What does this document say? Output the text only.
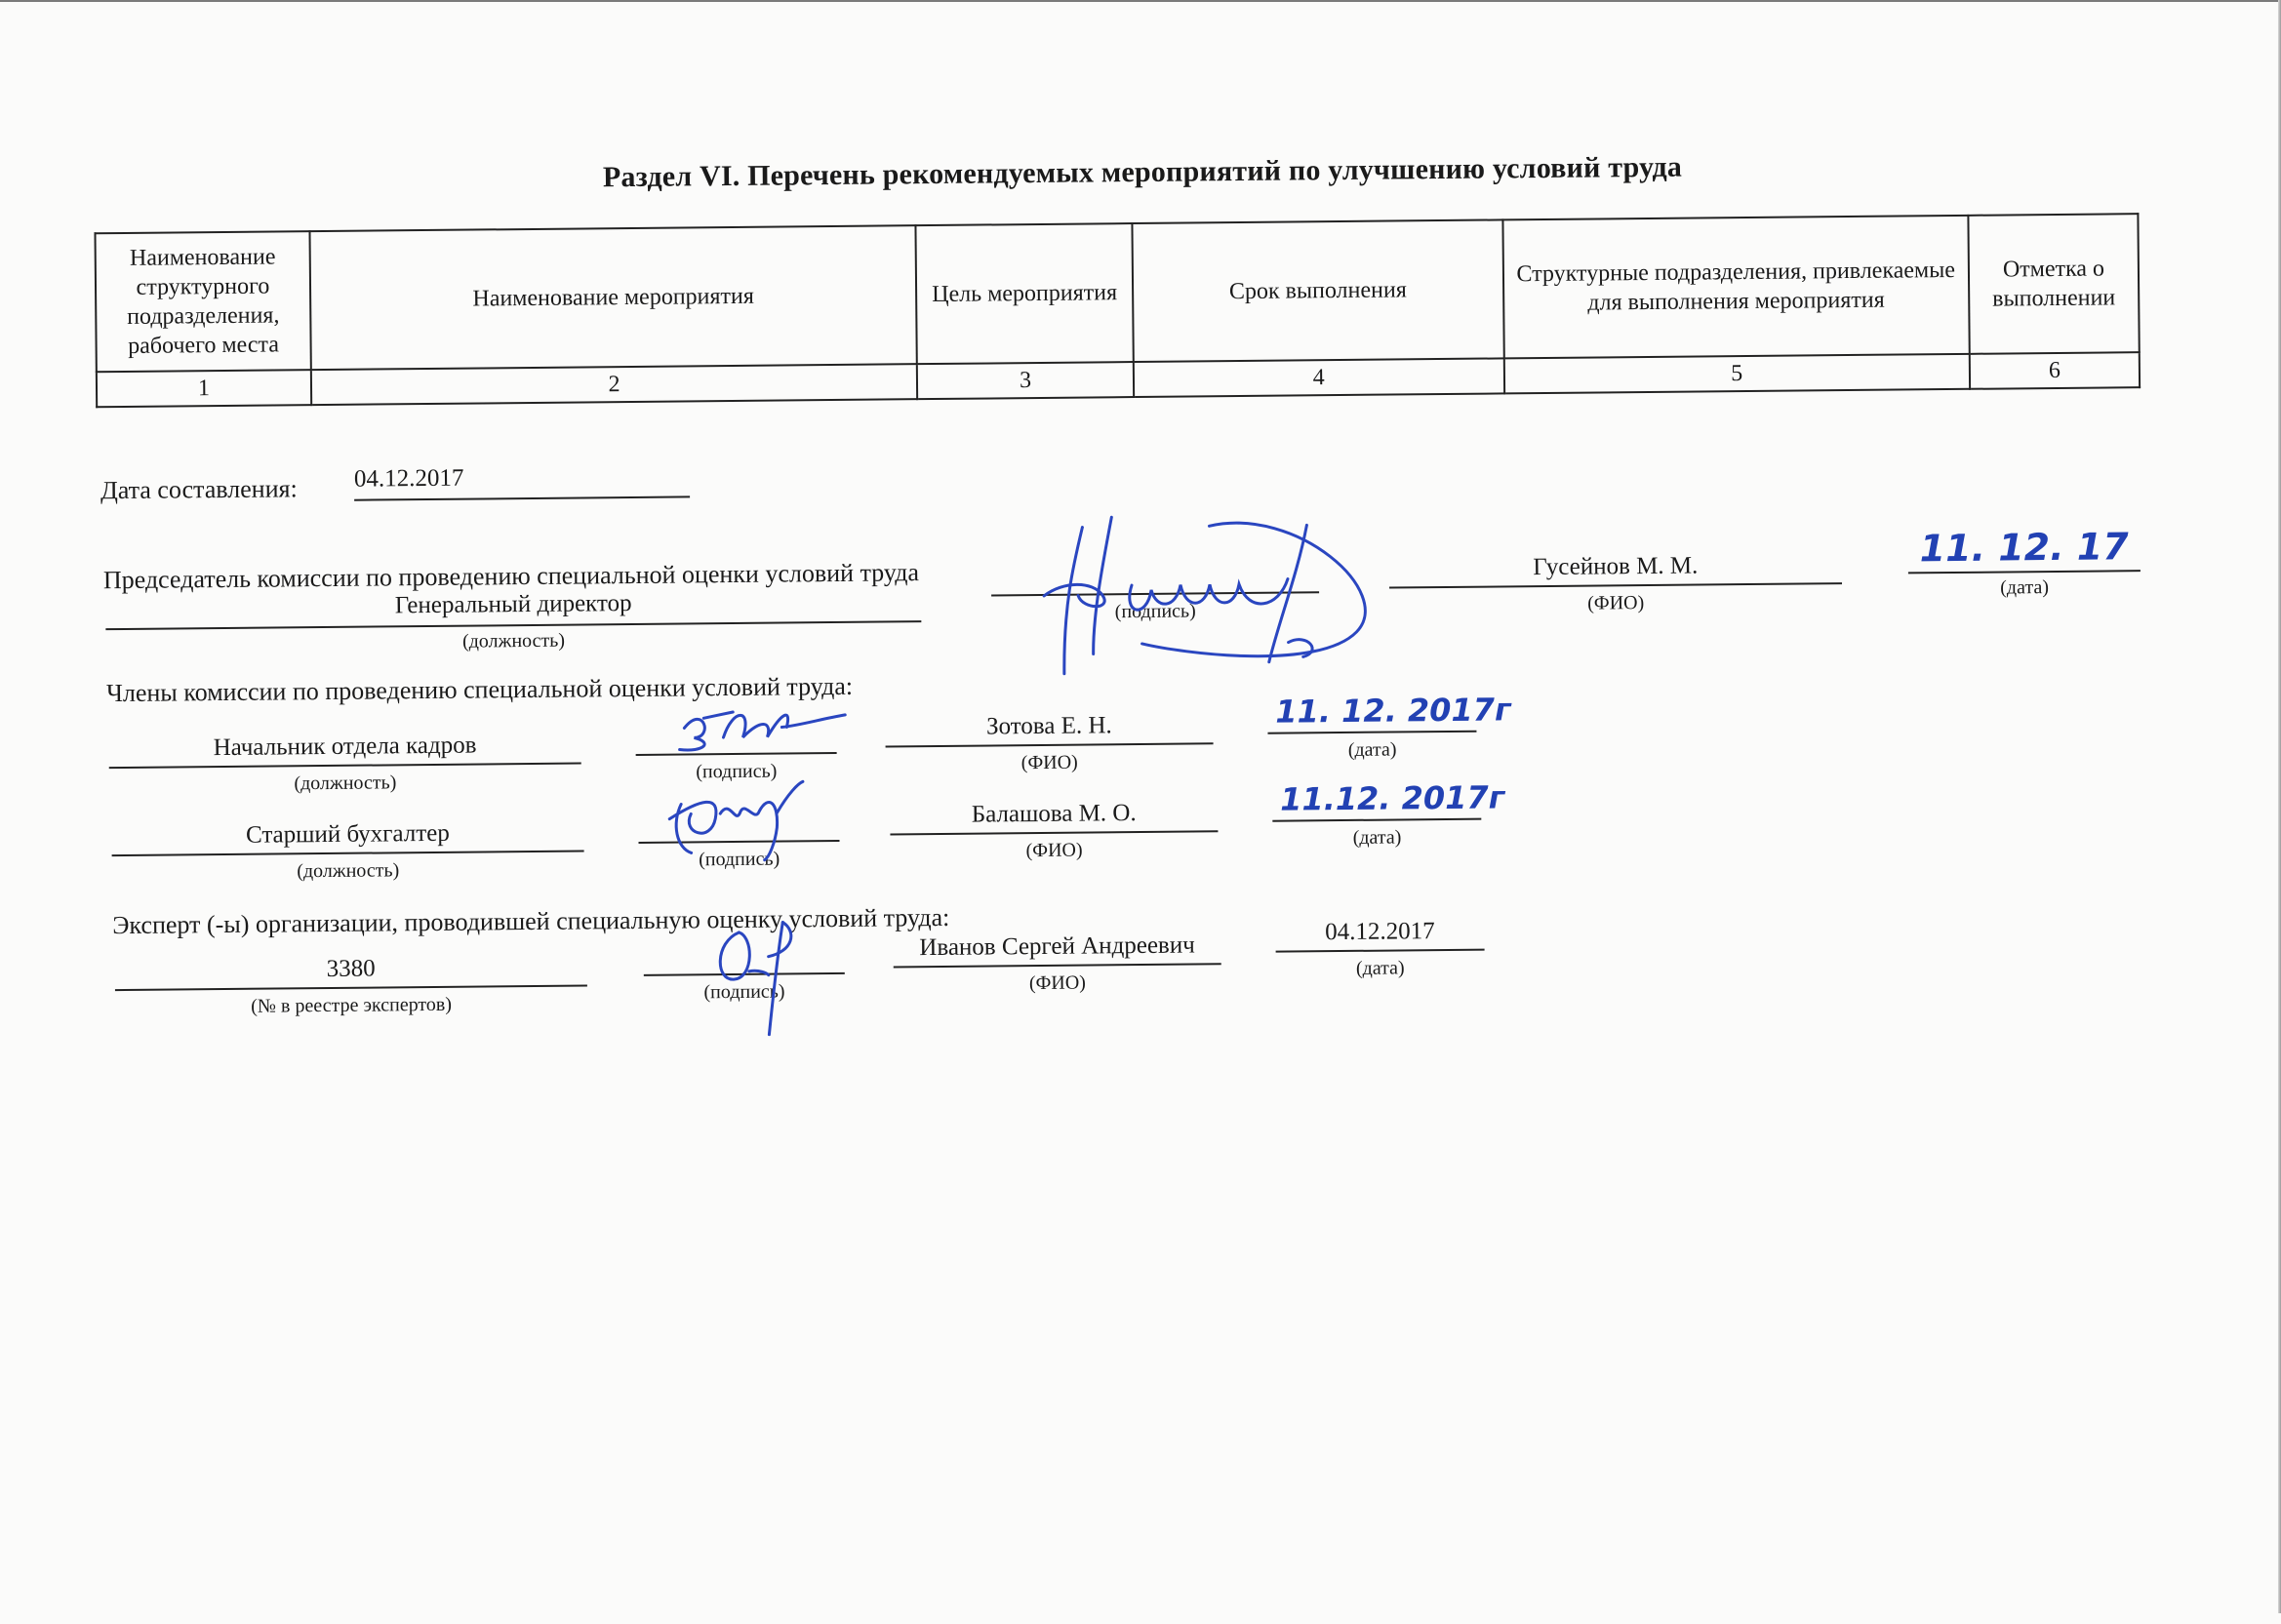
Раздел VI. Перечень рекомендуемых мероприятий по улучшению условий труда
Наименование структурного подразделения, рабочего места	Наименование мероприятия	Цель мероприятия	Срок выполнения	Структурные подразделения, привлекаемые для выполнения мероприятия	Отметка о выполнении
1	2	3	4	5	6
Дата составления: 04.12.2017
Председатель комиссии по проведению специальной оценки условий труда
Генеральный директор
(должность)
(подпись)
Гусейнов М. М.
(ФИО)
11. 12. 17
(дата)
Члены комиссии по проведению специальной оценки условий труда:
Начальник отдела кадров
(должность)
(подпись)
Зотова Е. Н.
(ФИО)
11. 12. 2017г
(дата)
Старший бухгалтер
(должность)
(подпись)
Балашова М. О.
(ФИО)
11.12. 2017г
(дата)
Эксперт (-ы) организации, проводившей специальную оценку условий труда:
3380
(№ в реестре экспертов)
(подпись)
Иванов Сергей Андреевич
(ФИО)
04.12.2017
(дата)
